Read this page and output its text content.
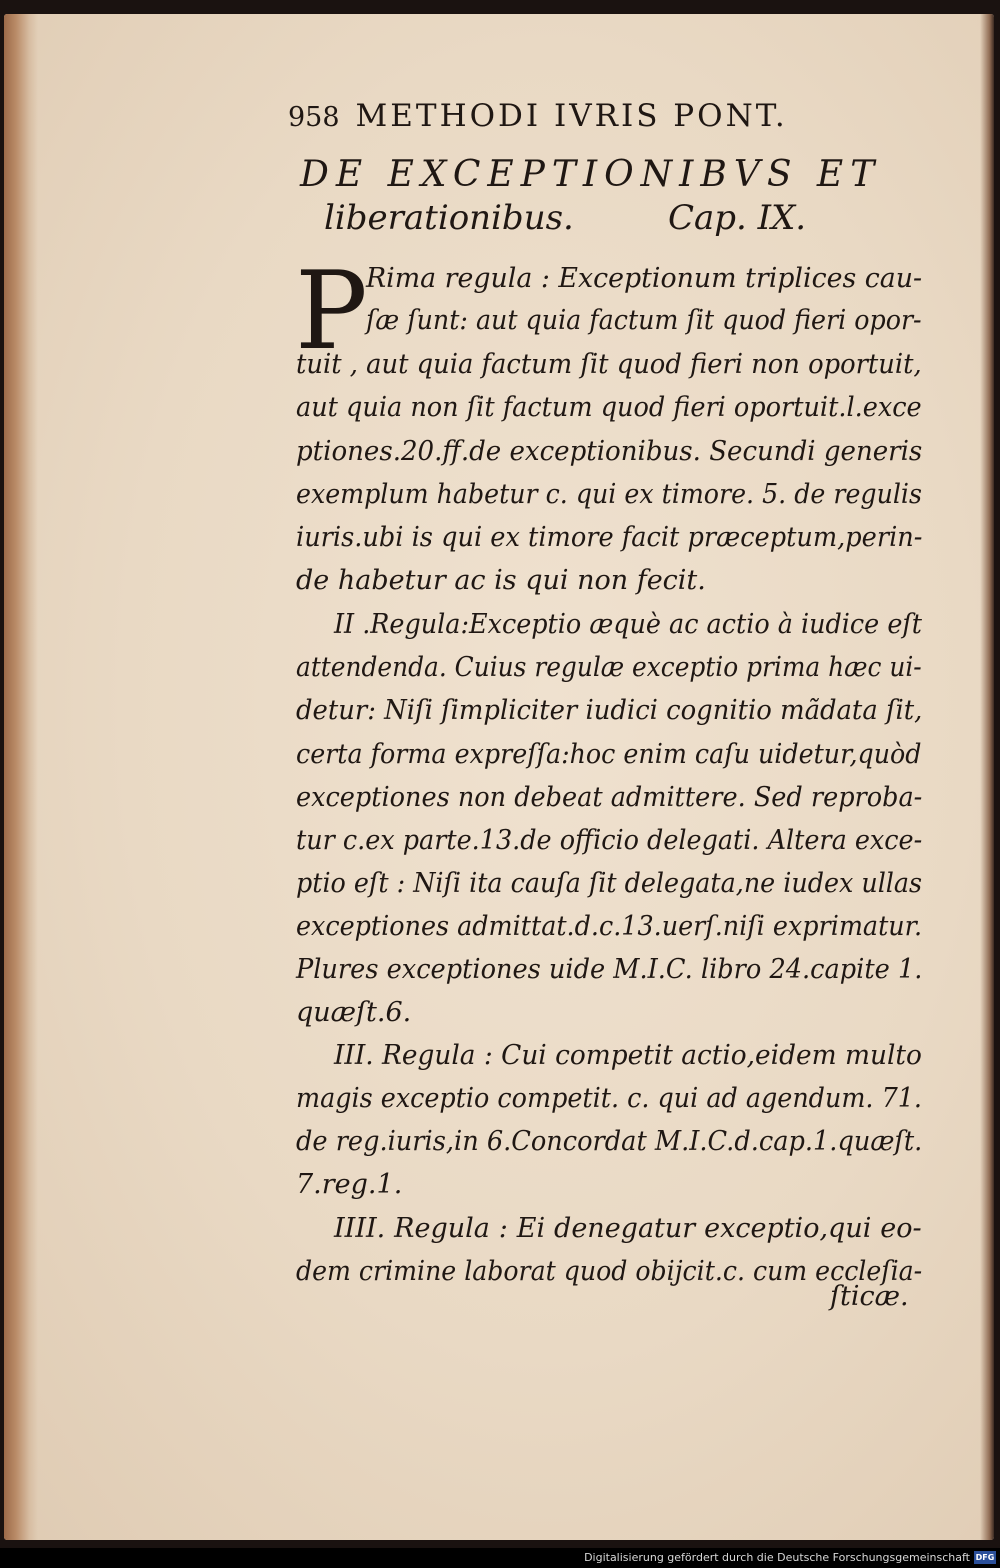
958 METHODI IVRIS PONT.
DE EXCEPTIONIBVS ET
liberationibus.	Cap. IX.
P
Rima regula : Exceptionum triplices cau-
ſæ ſunt: aut quia factum ſit quod fieri opor-
tuit , aut quia factum ſit quod fieri non oportuit,
aut quia non ſit factum quod fieri oportuit.l.exce
ptiones.20.ff.de exceptionibus. Secundi generis
exemplum habetur c. qui ex timore. 5. de regulis
iuris.ubi is qui ex timore facit præceptum,perin-
de habetur ac is qui non fecit.
II .Regula:Exceptio æquè ac actio à iudice eſt
attendenda. Cuius regulæ exceptio prima hæc ui-
detur: Niſi ſimpliciter iudici cognitio mãdata ſit,
certa forma expreſſa:hoc enim caſu uidetur,quòd
exceptiones non debeat admittere. Sed reproba-
tur c.ex parte.13.de officio delegati. Altera exce-
ptio eſt : Niſi ita cauſa ſit delegata,ne iudex ullas
exceptiones admittat.d.c.13.uerſ.niſi exprimatur.
Plures exceptiones uide M.I.C. libro 24.capite 1.
quæſt.6.
III. Regula : Cui competit actio,eidem multo
magis exceptio competit. c. qui ad agendum. 71.
de reg.iuris,in 6.Concordat M.I.C.d.cap.1.quæſt.
7.reg.1.
IIII. Regula : Ei denegatur exceptio,qui eo-
dem crimine laborat quod obijcit.c. cum eccleſia-
ſticæ.
Digitalisierung gefördert durch die Deutsche Forschungsgemeinschaft DFG
